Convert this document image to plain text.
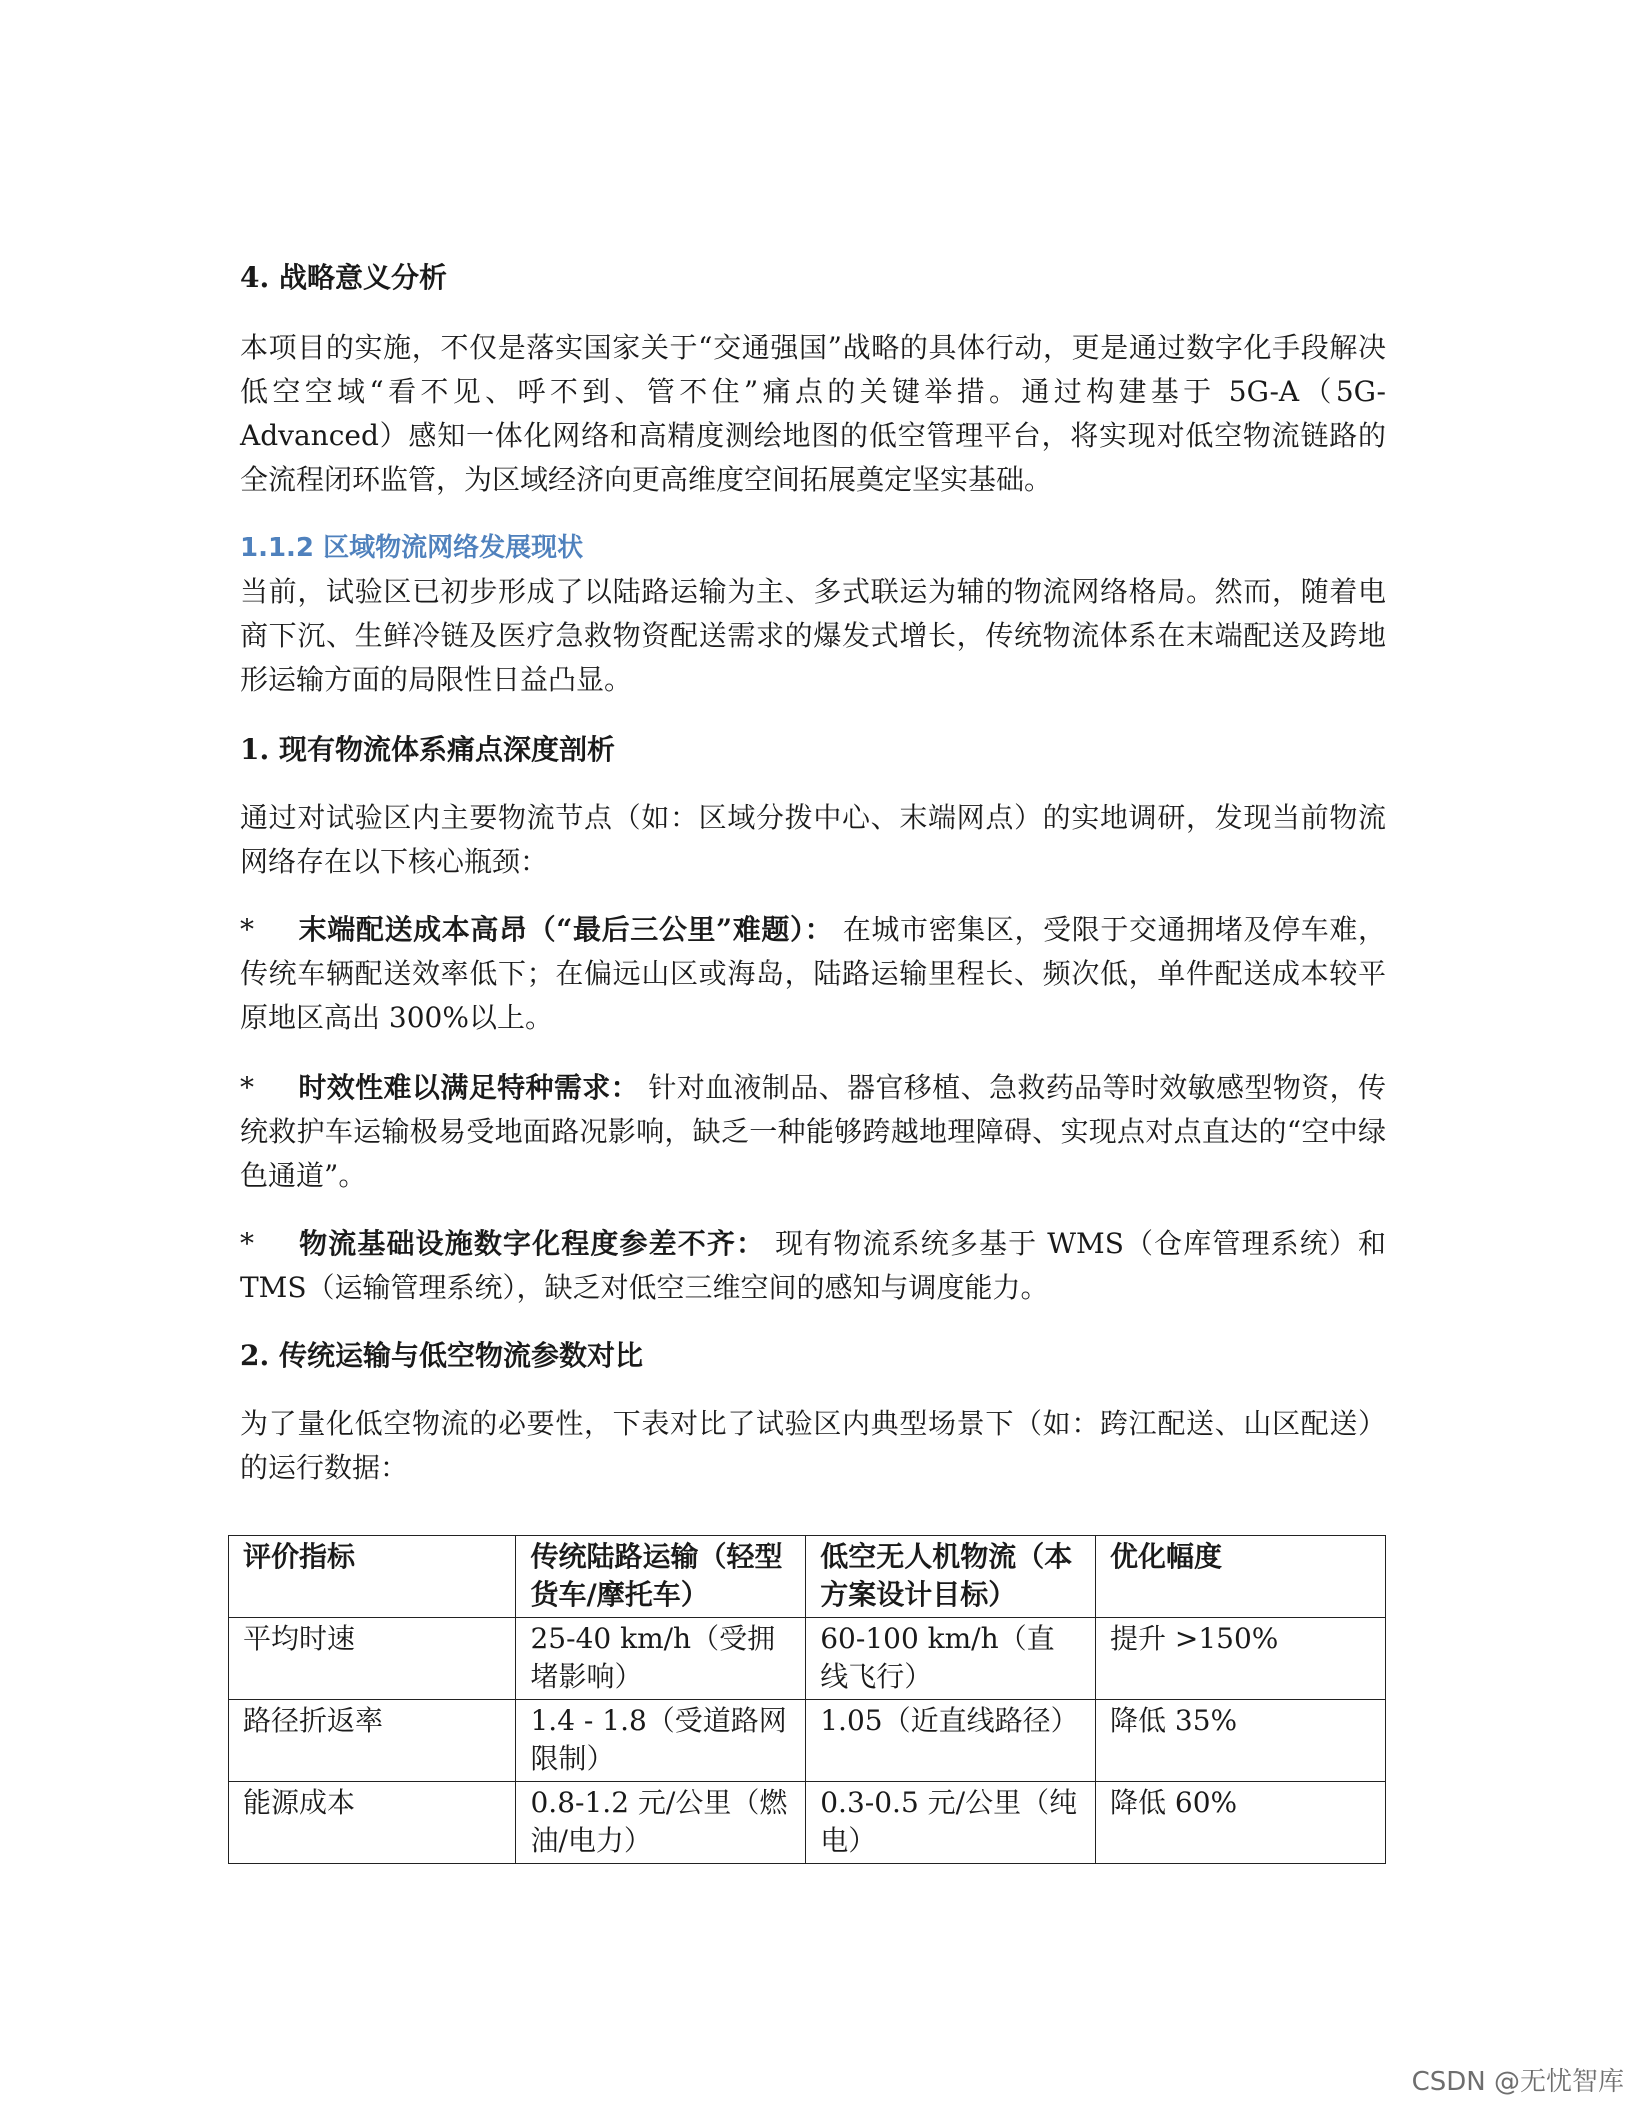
4. 战略意义分析

本项目的实施，不仅是落实国家关于“交通强国”战略的具体行动，更是通过数字化手段解决低空空域“看不见、呼不到、管不住”痛点的关键举措。通过构建基于 5G-A（5G-Advanced）感知一体化网络和高精度测绘地图的低空管理平台，将实现对低空物流链路的全流程闭环监管，为区域经济向更高维度空间拓展奠定坚实基础。

1.1.2 区域物流网络发展现状

当前，试验区已初步形成了以陆路运输为主、多式联运为辅的物流网络格局。然而，随着电商下沉、生鲜冷链及医疗急救物资配送需求的爆发式增长，传统物流体系在末端配送及跨地形运输方面的局限性日益凸显。

1. 现有物流体系痛点深度剖析

通过对试验区内主要物流节点（如：区域分拨中心、末端网点）的实地调研，发现当前物流网络存在以下核心瓶颈：

* 末端配送成本高昂（“最后三公里”难题）： 在城市密集区，受限于交通拥堵及停车难，传统车辆配送效率低下；在偏远山区或海岛，陆路运输里程长、频次低，单件配送成本较平原地区高出 300%以上。

* 时效性难以满足特种需求： 针对血液制品、器官移植、急救药品等时效敏感型物资，传统救护车运输极易受地面路况影响，缺乏一种能够跨越地理障碍、实现点对点直达的“空中绿色通道”。

* 物流基础设施数字化程度参差不齐： 现有物流系统多基于 WMS（仓库管理系统）和 TMS（运输管理系统），缺乏对低空三维空间的感知与调度能力。

2. 传统运输与低空物流参数对比

为了量化低空物流的必要性，下表对比了试验区内典型场景下（如：跨江配送、山区配送）的运行数据：

评价指标	传统陆路运输（轻型货车/摩托车）	低空无人机物流（本方案设计目标）	优化幅度
平均时速	25-40 km/h（受拥堵影响）	60-100 km/h（直线飞行）	提升 >150%
路径折返率	1.4 - 1.8（受道路网限制）	1.05（近直线路径）	降低 35%
能源成本	0.8-1.2 元/公里（燃油/电力）	0.3-0.5 元/公里（纯电）	降低 60%
CSDN @无忧智库
